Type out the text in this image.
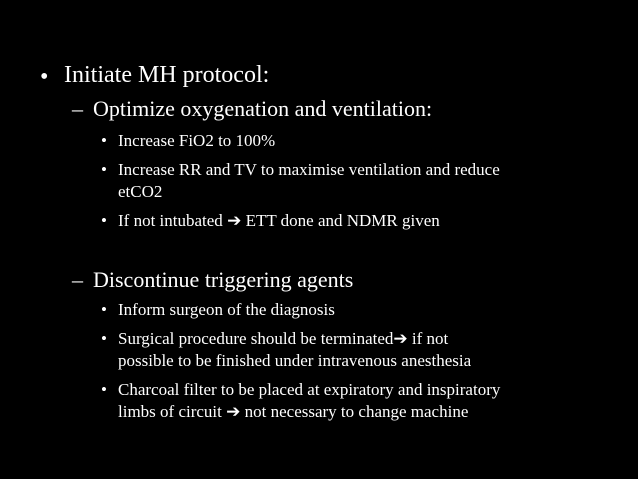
• Initiate MH protocol:
– Optimize oxygenation and ventilation:
• Increase FiO2 to 100%
• Increase RR and TV to maximise ventilation and reduce
etCO2
• If not intubated ➔ ETT done and NDMR given
– Discontinue triggering agents
• Inform surgeon of the diagnosis
• Surgical procedure should be terminated➔ if not
possible to be finished under intravenous anesthesia
• Charcoal filter to be placed at expiratory and inspiratory
limbs of circuit ➔ not necessary to change machine
